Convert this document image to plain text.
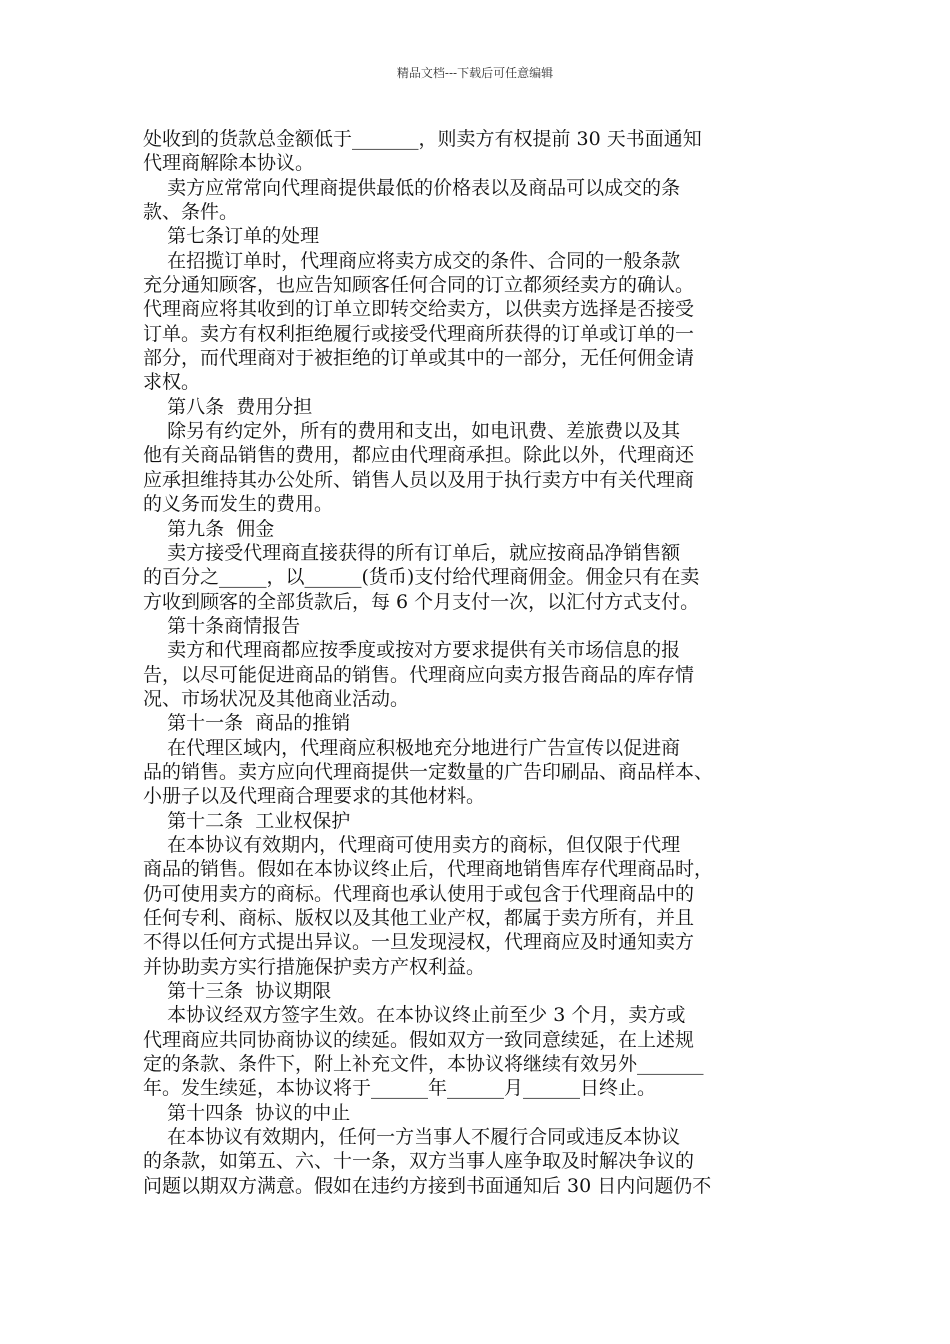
精品文档---下载后可任意编辑
处收到的货款总金额低于_______，则卖方有权提前 30 天书面通知
代理商解除本协议。
卖方应常常向代理商提供最低的价格表以及商品可以成交的条
款、条件。
第七条订单的处理
在招揽订单时，代理商应将卖方成交的条件、合同的一般条款
充分通知顾客，也应告知顾客任何合同的订立都须经卖方的确认。
代理商应将其收到的订单立即转交给卖方，以供卖方选择是否接受
订单。卖方有权利拒绝履行或接受代理商所获得的订单或订单的一
部分，而代理商对于被拒绝的订单或其中的一部分，无任何佣金请
求权。
第八条  费用分担
除另有约定外，所有的费用和支出，如电讯费、差旅费以及其
他有关商品销售的费用，都应由代理商承担。除此以外，代理商还
应承担维持其办公处所、销售人员以及用于执行卖方中有关代理商
的义务而发生的费用。
第九条  佣金
卖方接受代理商直接获得的所有订单后，就应按商品净销售额
的百分之_____，以______(货币)支付给代理商佣金。佣金只有在卖
方收到顾客的全部货款后，每 6 个月支付一次，以汇付方式支付。
第十条商情报告
卖方和代理商都应按季度或按对方要求提供有关市场信息的报
告，以尽可能促进商品的销售。代理商应向卖方报告商品的库存情
况、市场状况及其他商业活动。
第十一条  商品的推销
在代理区域内，代理商应积极地充分地进行广告宣传以促进商
品的销售。卖方应向代理商提供一定数量的广告印刷品、商品样本、
小册子以及代理商合理要求的其他材料。
第十二条  工业权保护
在本协议有效期内，代理商可使用卖方的商标，但仅限于代理
商品的销售。假如在本协议终止后，代理商地销售库存代理商品时，
仍可使用卖方的商标。代理商也承认使用于或包含于代理商品中的
任何专利、商标、版权以及其他工业产权，都属于卖方所有，并且
不得以任何方式提出异议。一旦发现浸权，代理商应及时通知卖方
并协助卖方实行措施保护卖方产权利益。
第十三条  协议期限
本协议经双方签字生效。在本协议终止前至少 3 个月，卖方或
代理商应共同协商协议的续延。假如双方一致同意续延，在上述规
定的条款、条件下，附上补充文件，本协议将继续有效另外_______
年。发生续延，本协议将于______年______月______日终止。
第十四条  协议的中止
在本协议有效期内，任何一方当事人不履行合同或违反本协议
的条款，如第五、六、十一条，双方当事人座争取及时解决争议的
问题以期双方满意。假如在违约方接到书面通知后 30 日内问题仍不
